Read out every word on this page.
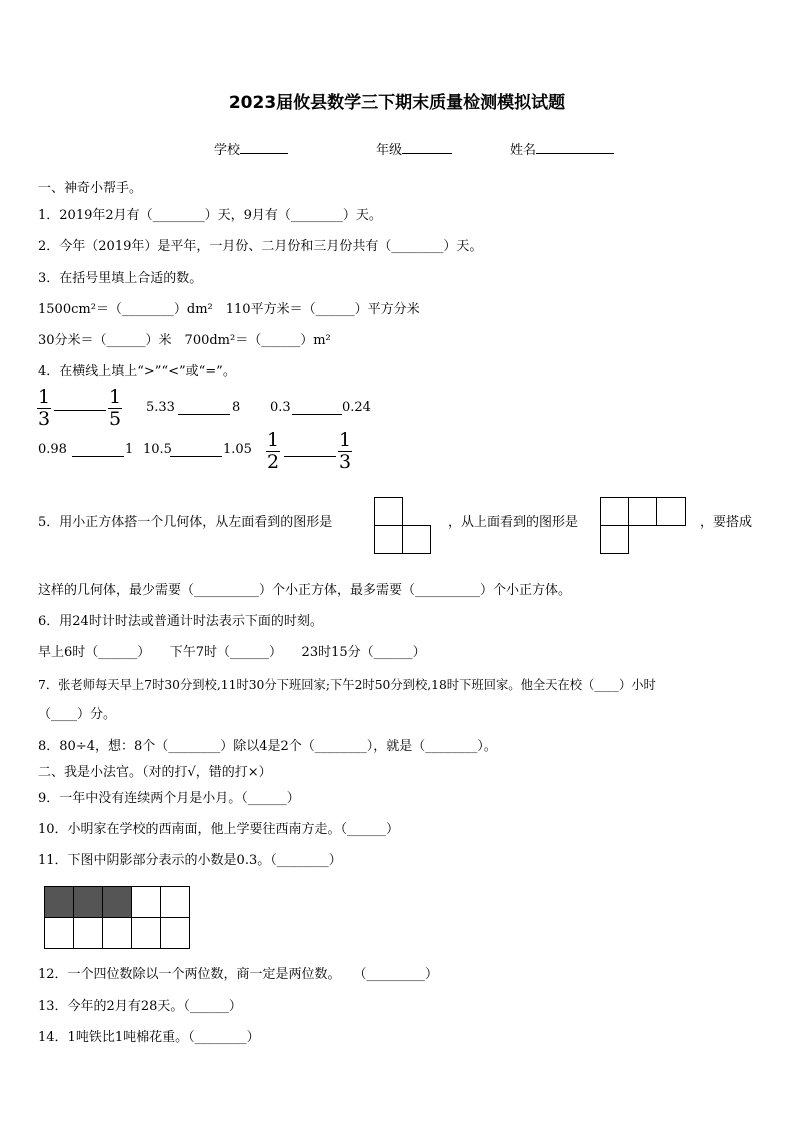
2023届攸县数学三下期末质量检测模拟试题
学校	年级	姓名
一、神奇小帮手。
1．2019年2月有（________）天，9月有（________）天。
2．今年（2019年）是平年，一月份、二月份和三月份共有（________）天。
3．在括号里填上合适的数。
1500cm²＝（________）dm²　110平方米＝（______）平方分米
30分米＝（______）米　700dm²＝（______）m²
4．在横线上填上“>”“<”或“=”。
$\frac{1}{3}$	$\frac{1}{5} 5.33$	8 0.3	0.24
0.98	1 10.5	$1.05 \frac{1}{2}$	$\frac{1}{3}$
5．用小正方体搭一个几何体，从左面看到的图形是	，从上面看到的图形是	，要搭成
这样的几何体，最少需要（__________）个小正方体，最多需要（__________）个小正方体。
6．用24时计时法或普通计时法表示下面的时刻。
早上6时（______）　　下午7时（______）　　23时15分（______）
7．张老师每天早上7时30分到校,11时30分下班回家;下午2时50分到校,18时下班回家。他全天在校（____）小时
（____）分。
8．80÷4，想：8个（________）除以4是2个（________），就是（________）。
二、我是小法官。（对的打√，错的打×）
9．一年中没有连续两个月是小月。（______）
10．小明家在学校的西南面，他上学要往西南方走。（______）
11．下图中阴影部分表示的小数是0.3。（________）

12．一个四位数除以一个两位数，商一定是两位数。　　（_________）
13．今年的2月有28天。（______）
14．1吨铁比1吨棉花重。（________）
